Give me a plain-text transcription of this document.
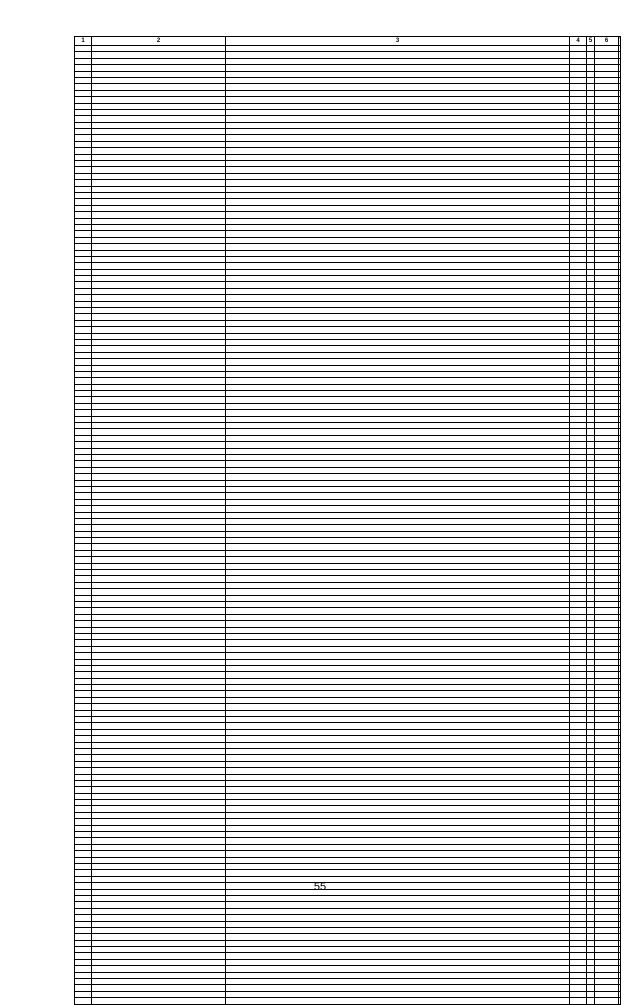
1	2	3	4	5	6	

55
